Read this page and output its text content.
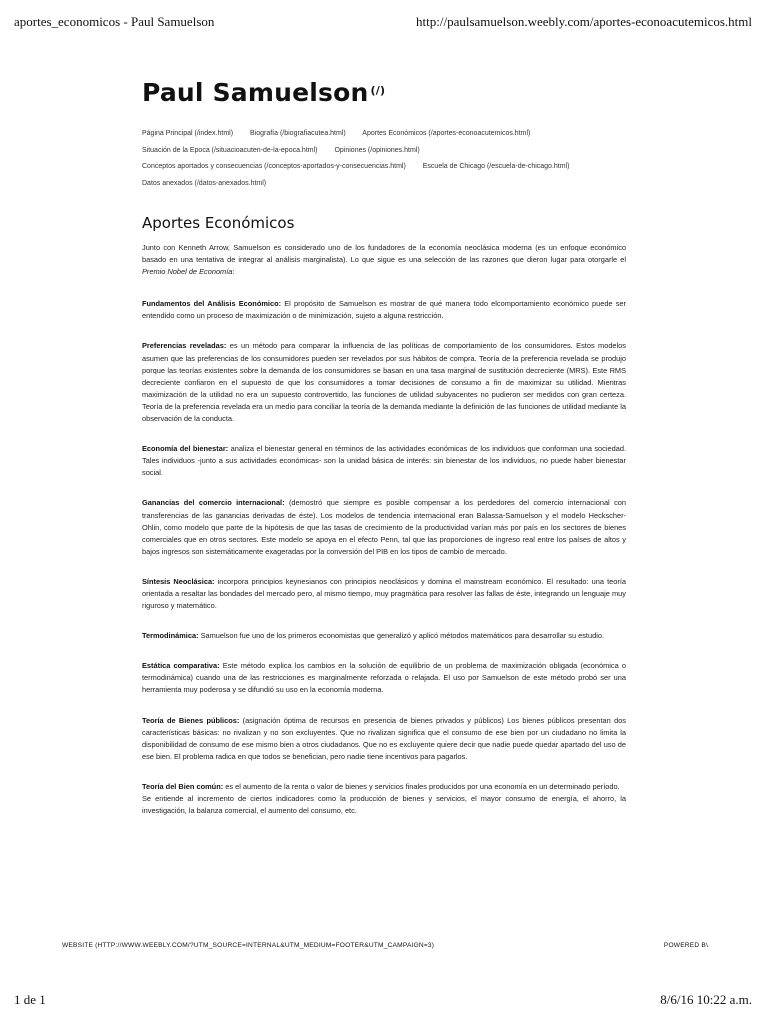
aportes_economicos - Paul Samuelson	http://paulsamuelson.weebly.com/aportes-econoacutemicos.html
Paul Samuelson (/)
Página Principal (/index.html) Biografía (/biografiacutea.html) Aportes Económicos (/aportes-econoacutemicos.html)
Situación de la Epoca (/situacioacuten-de-la-epoca.html) Opiniones (/opiniones.html)
Conceptos aportados y consecuencias (/conceptos-aportados-y-consecuencias.html) Escuela de Chicago (/escuela-de-chicago.html)
Datos anexados (/datos-anexados.html)
Aportes Económicos

Junto con Kenneth Arrow, Samuelson es considerado uno de los fundadores de la economía neoclásica moderna (es un enfoque económico basado en una tentativa de integrar al análisis marginalista). Lo que sigue es una selección de las razones que dieron lugar para otorgarle el Premio Nobel de Economía:

Fundamentos del Análisis Económico: El propósito de Samuelson es mostrar de qué manera todo elcomportamiento económico puede ser entendido como un proceso de maximización o de minimización, sujeto a alguna restricción.

Preferencias reveladas: es un método para comparar la influencia de las políticas de comportamiento de los consumidores. Estos modelos asumen que las preferencias de los consumidores pueden ser revelados por sus hábitos de compra. Teoría de la preferencia revelada se produjo porque las teorías existentes sobre la demanda de los consumidores se basan en una tasa marginal de sustitución decreciente (MRS). Este RMS decreciente confiaron en el supuesto de que los consumidores a tomar decisiones de consumo a fin de maximizar su utilidad. Mientras maximización de la utilidad no era un supuesto controvertido, las funciones de utilidad subyacentes no pudieron ser medidos con gran certeza. Teoría de la preferencia revelada era un medio para conciliar la teoría de la demanda mediante la definición de las funciones de utilidad mediante la observación de la conducta.

Economía del bienestar: analiza el bienestar general en términos de las actividades económicas de los individuos que conforman una sociedad. Tales individuos -junto a sus actividades económicas- son la unidad básica de interés: sin bienestar de los individuos, no puede haber bienestar social.

Ganancias del comercio internacional: (demostró que siempre es posible compensar a los perdedores del comercio internacional con transferencias de las ganancias derivadas de éste). Los modelos de tendencia internacional eran Balassa-Samuelson y el modelo Heckscher-Ohlin, como modelo que parte de la hipótesis de que las tasas de crecimiento de la productividad varían más por país en los sectores de bienes comerciales que en otros sectores. Este modelo se apoya en el efecto Penn, tal que las proporciones de ingreso real entre los países de altos y bajos ingresos son sistemáticamente exageradas por la conversión del PIB en los tipos de cambio de mercado.

Síntesis Neoclásica: incorpora principios keynesianos con principios neoclásicos y domina el mainstream económico. El resultado: una teoría orientada a resaltar las bondades del mercado pero, al mismo tiempo, muy pragmática para resolver las fallas de éste, integrando un lenguaje muy riguroso y matemático.

Termodinámica: Samuelson fue uno de los primeros economistas que generalizó y aplicó métodos matemáticos para desarrollar su estudio.

Estática comparativa: Este método explica los cambios en la solución de equilibrio de un problema de maximización obligada (económica o termodinámica) cuando una de las restricciones es marginalmente reforzada o relajada. El uso por Samuelson de este método probó ser una herramienta muy poderosa y se difundió su uso en la economía moderna.

Teoría de Bienes públicos: (asignación óptima de recursos en presencia de bienes privados y públicos) Los bienes públicos presentan dos características básicas: no rivalizan y no son excluyentes. Que no rivalizan significa que el consumo de ese bien por un ciudadano no limita la disponibilidad de consumo de ese mismo bien a otros ciudadanos. Que no es excluyente quiere decir que nadie puede quedar apartado del uso de ese bien. El problema radica en que todos se benefician, pero nadie tiene incentivos para pagarlos.

Teoría del Bien común: es el aumento de la renta o valor de bienes y servicios finales producidos por una economía en un determinado período.

Se entiende al incremento de ciertos indicadores como la producción de bienes y servicios, el mayor consumo de energía, el ahorro, la investigación, la balanza comercial, el aumento del consumo, etc.

WEBSITE (HTTP://WWW.WEEBLY.COM/?UTM_SOURCE=INTERNAL&UTM_MEDIUM=FOOTER&UTM_CAMPAIGN=3)	POWERED B\
1 de 1	8/6/16 10:22 a.m.
